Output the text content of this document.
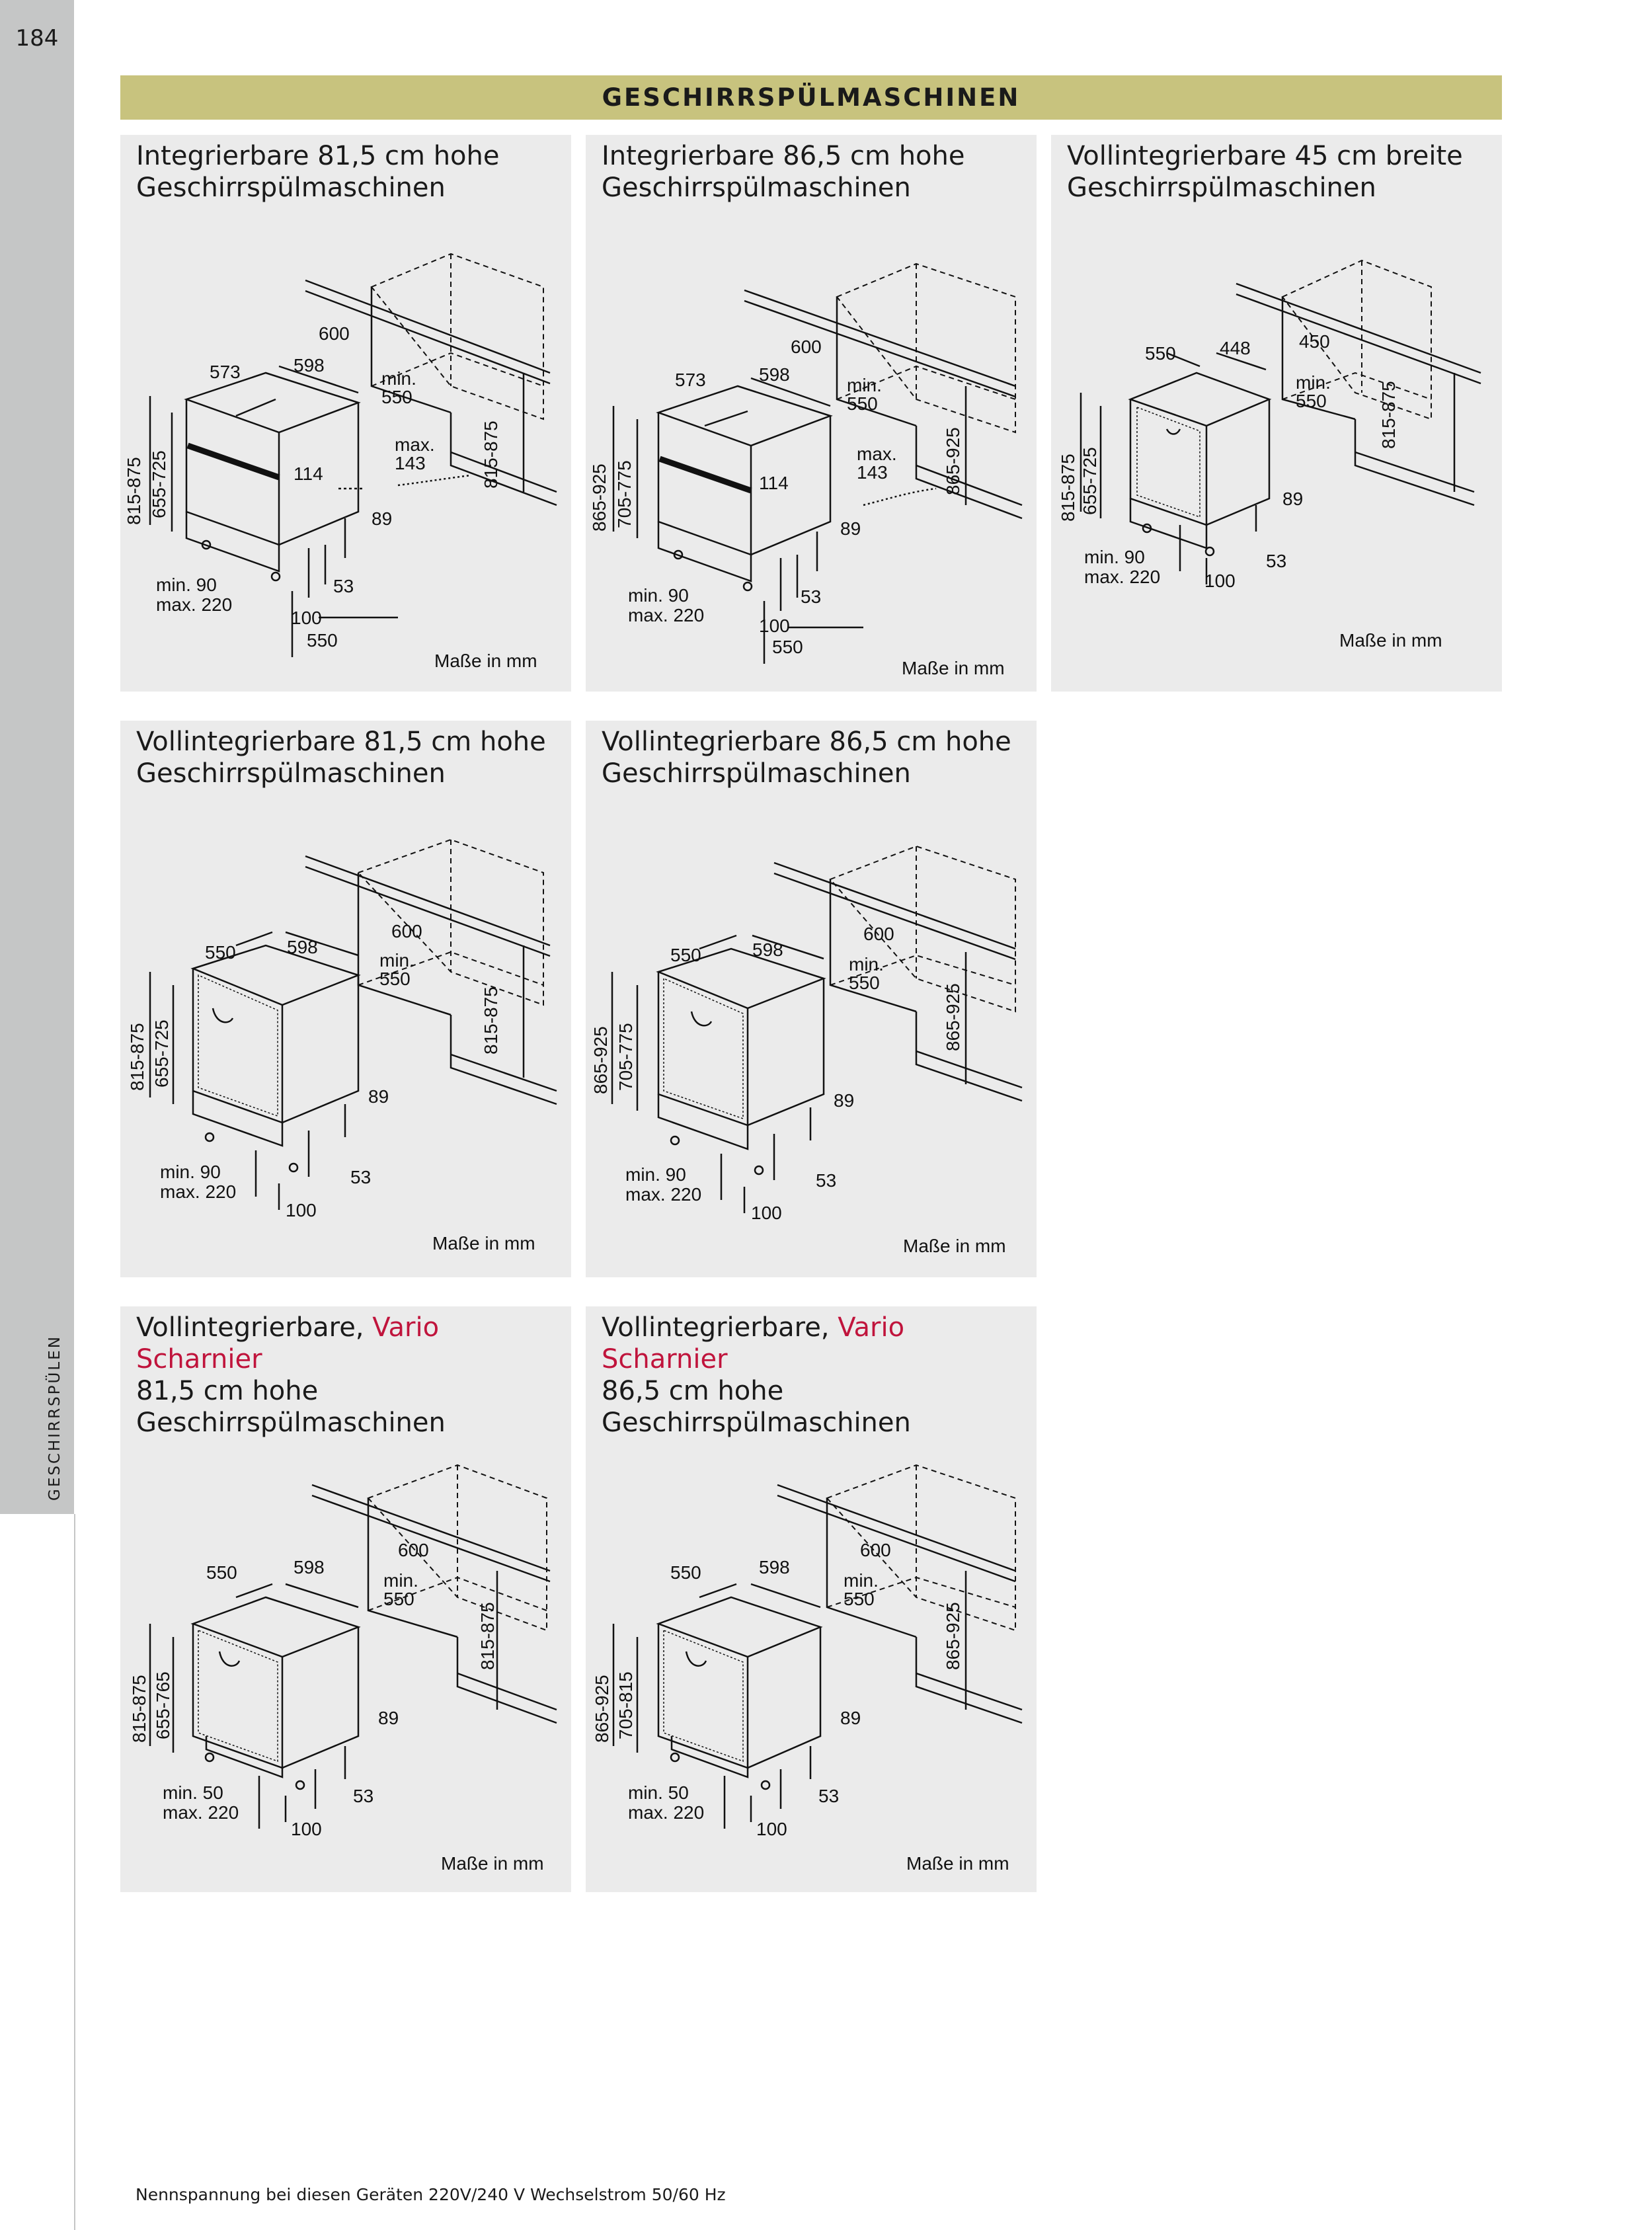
184
GESCHIRRSPÜLEN
GESCHIRRSPÜLMASCHINEN
Integrierbare 81,5 cm hohe
Geschirrspülmaschinen
600
573	598
min.
550
max.
143
114
89
53
min. 90
max. 220
100
550
815-875 655-725	815-875
Maße in mm
Integrierbare 86,5 cm hohe
Geschirrspülmaschinen
600
573	598
min.
550
max.
143
114
89
53
min. 90
max. 220
100
550
865-925 705-775	865-925
Maße in mm
Vollintegrierbare 45 cm breite
Geschirrspülmaschinen
550 448	450
min.
550
89
53
min. 90
max. 220 100
815-875 655-725
815-875
Maße in mm
Vollintegrierbare 81,5 cm hohe
Geschirrspülmaschinen
600
550	598
min.
550
89
53
min. 90
max. 220
100
815-875 655-725	815-875
Maße in mm
Vollintegrierbare 86,5 cm hohe
Geschirrspülmaschinen
600
550	598
min.
550
89
53
min. 90
max. 220
100
865-925 705-775
865-925
Maße in mm
Vollintegrierbare, Vario Scharnier
81,5 cm hohe
Geschirrspülmaschinen
600
550	598
min.
550
89
53
min. 50
max. 220
100
815-875 655-765
815-875
Maße in mm
Vollintegrierbare, Vario Scharnier
86,5 cm hohe
Geschirrspülmaschinen
600
550	598
min.
550
89
53
min. 50
max. 220
100
865-925 705-815
865-925
Maße in mm
Nennspannung bei diesen Geräten 220V/240 V Wechselstrom 50/60 Hz
